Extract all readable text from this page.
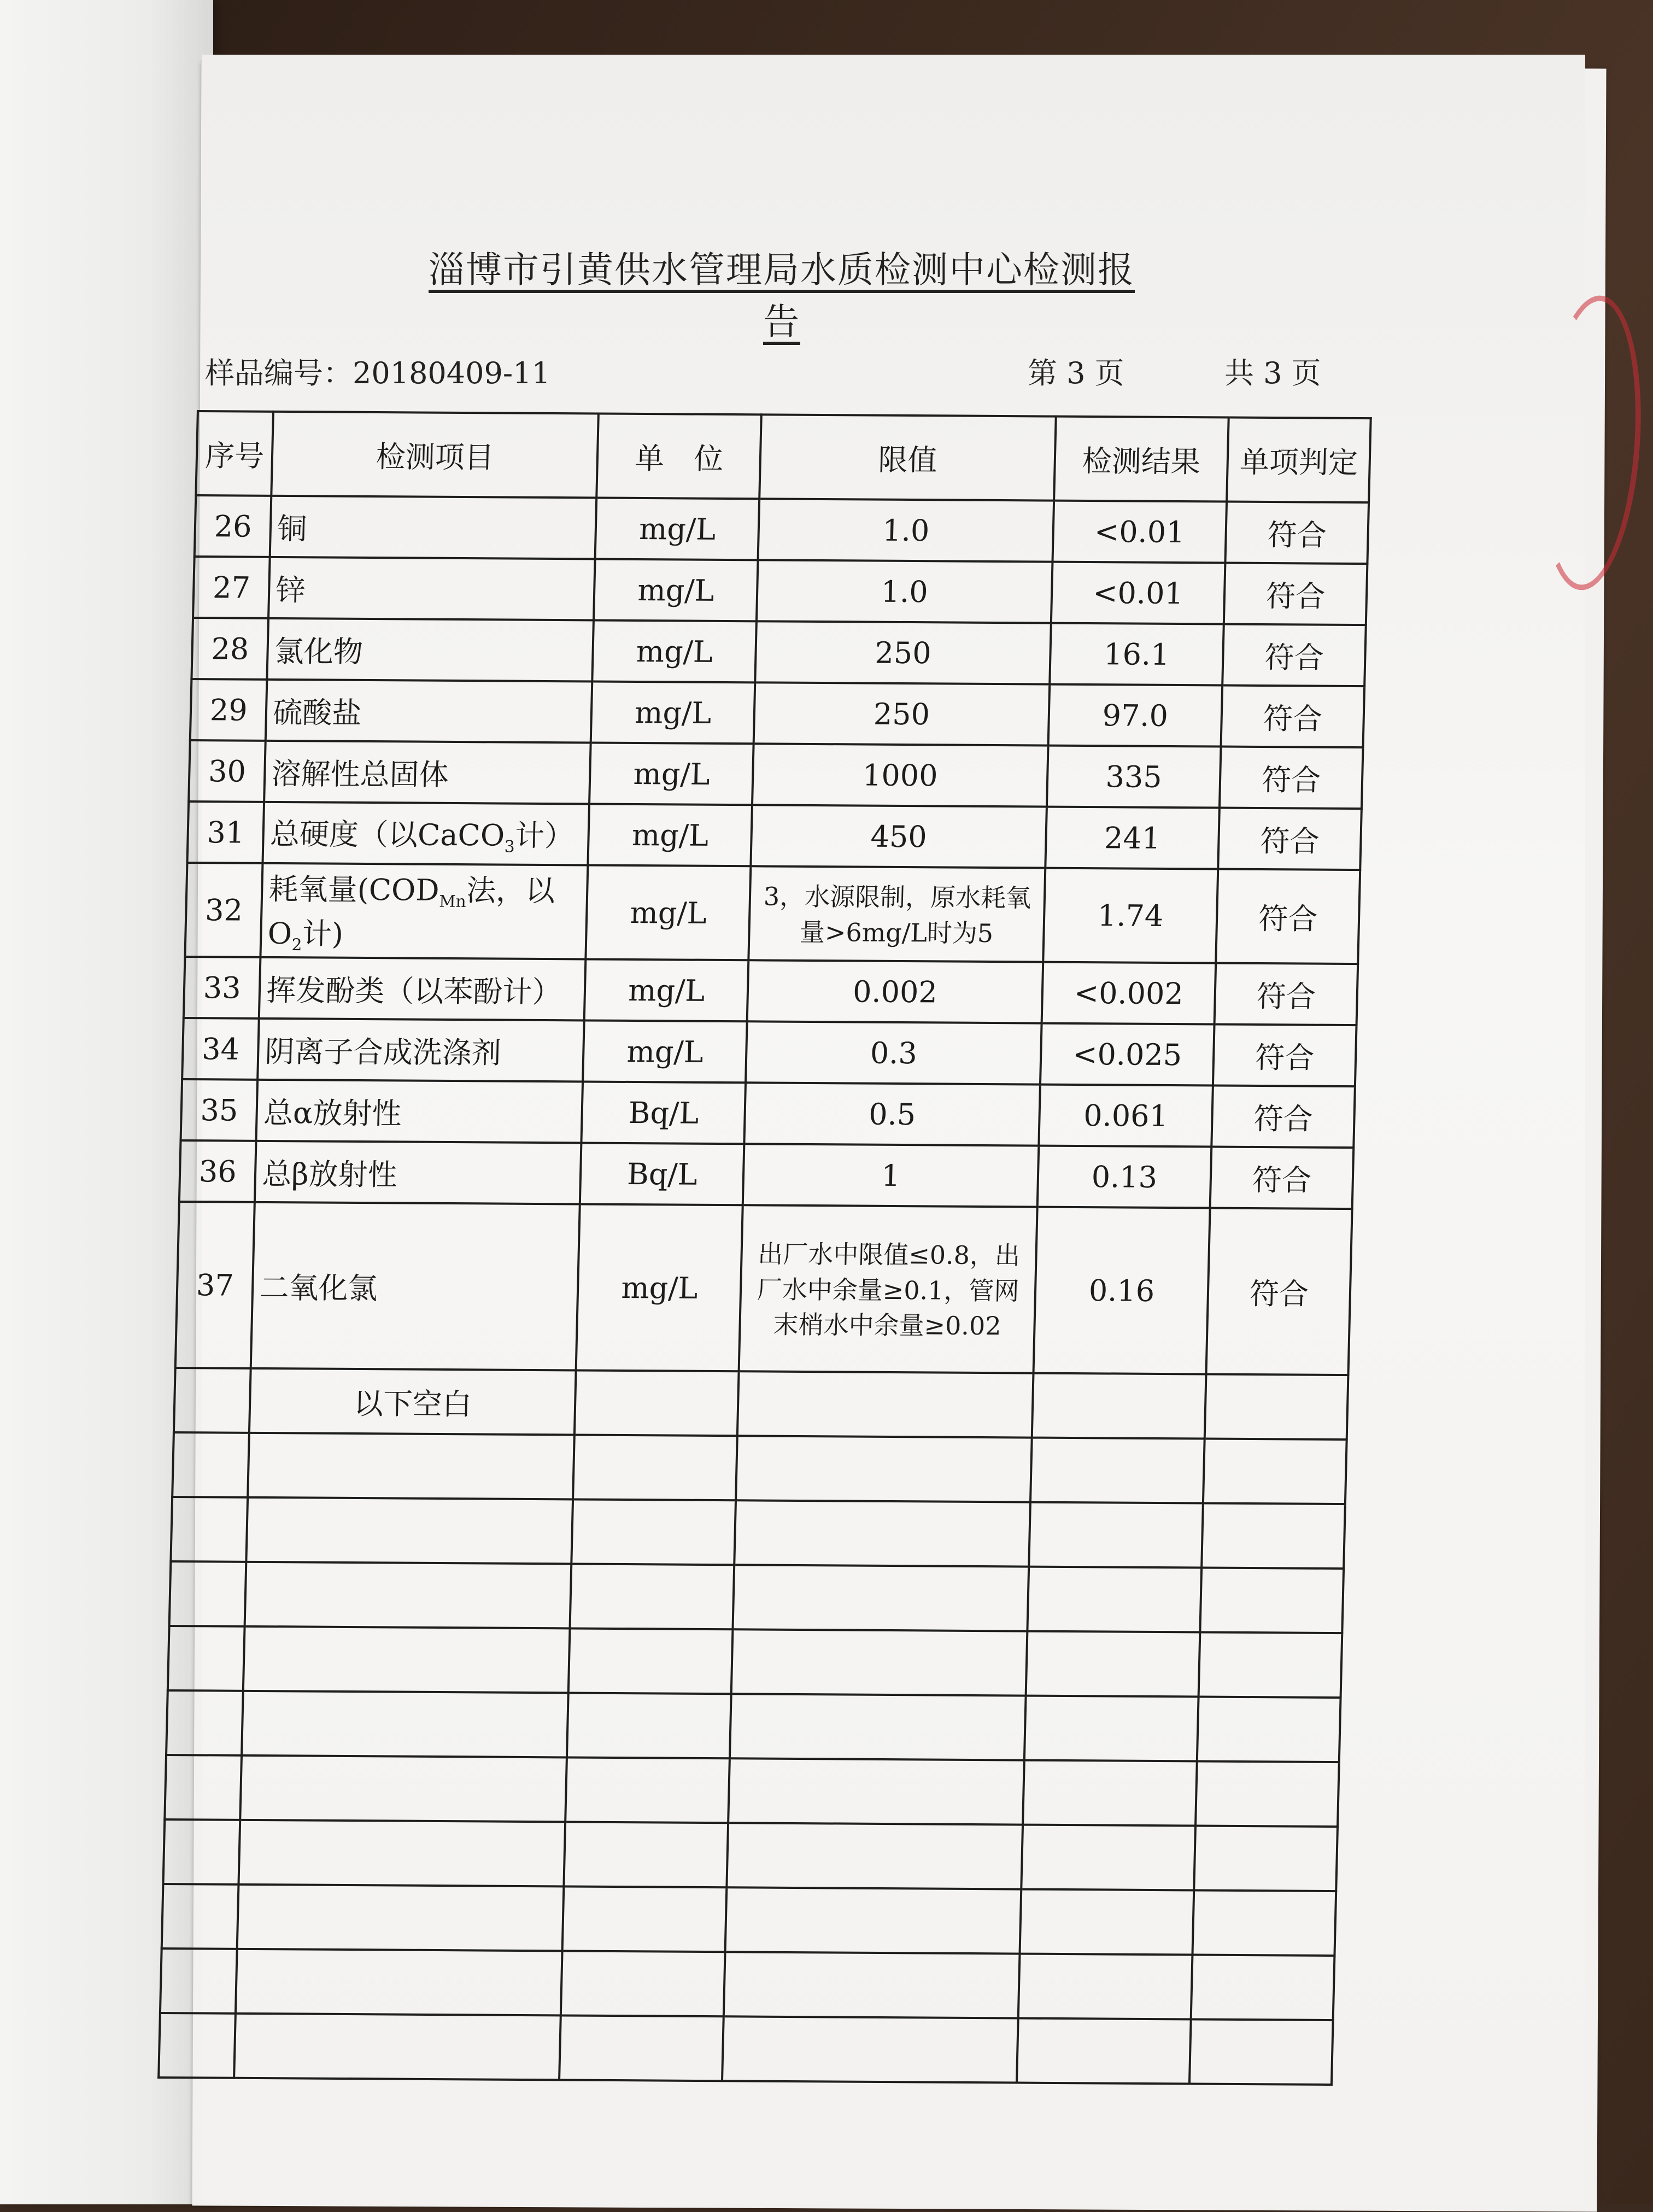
淄博市引黄供水管理局水质检测中心检测报告
样品编号：20180409-11	第 3 页	共 3 页
序号	检测项目	单　位	限值	检测结果	单项判定
26	铜	mg/L	1.0	<0.01	符合
27	锌	mg/L	1.0	<0.01	符合
28	氯化物	mg/L	250	16.1	符合
29	硫酸盐	mg/L	250	97.0	符合
30	溶解性总固体	mg/L	1000	335	符合
31	总硬度（以CaCO$_3$计）	mg/L	450	241	符合
32	耗氧量($COD_{Mn}$法，以$O_2$计)	mg/L	3，水源限制，原水耗氧量>6mg/L时为5	1.74	符合
33	挥发酚类（以苯酚计）	mg/L	0.002	<0.002	符合
34	阴离子合成洗涤剂	mg/L	0.3	<0.025	符合
35	总α放射性	Bq/L	0.5	0.061	符合
36	总β放射性	Bq/L	1	0.13	符合
37	二氧化氯	mg/L	出厂水中限值≤0.8，出厂水中余量≥0.1，管网末梢水中余量≥0.02	0.16	符合
	以下空白				
